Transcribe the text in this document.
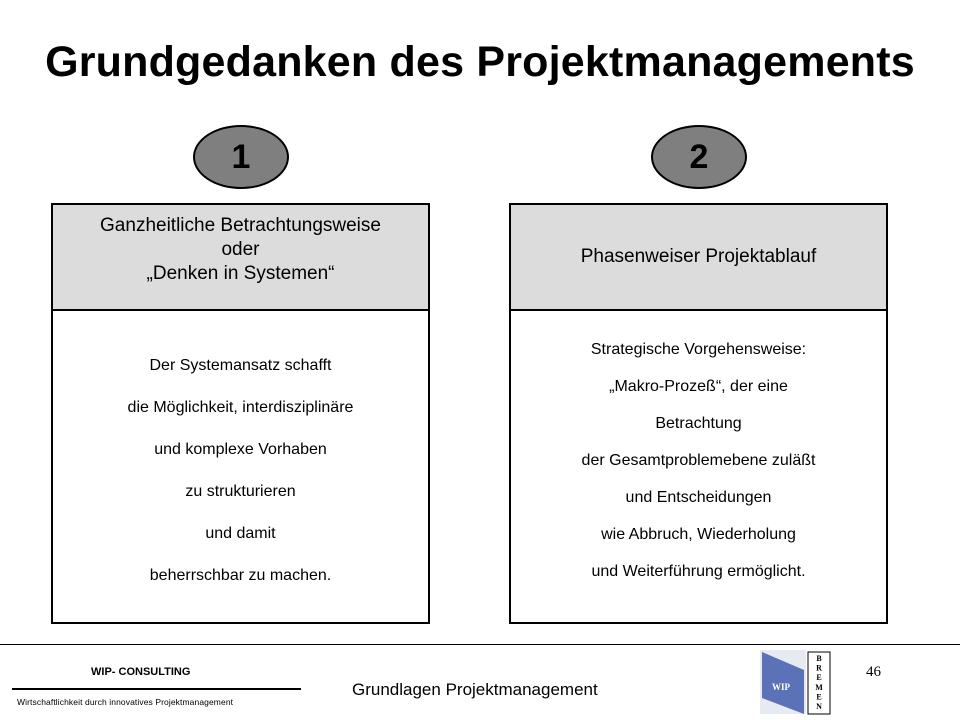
Grundgedanken des Projektmanagements
1	2
Ganzheitliche Betrachtungsweise
oder
„Denken in Systemen“
Der Systemansatz schafft
die Möglichkeit, interdisziplinäre
und komplexe Vorhaben
zu strukturieren
und damit
beherrschbar zu machen.
Phasenweiser Projektablauf
Strategische Vorgehensweise:
„Makro-Prozeß“, der eine
Betrachtung
der Gesamtproblemebene zuläßt
und Entscheidungen
wie Abbruch, Wiederholung
und Weiterführung ermöglicht.
WIP- CONSULTING
Wirtschaftlichkeit durch innovatives Projektmanagement
Grundlagen Projektmanagement	WIP
B
R
E
M
E
N
46
